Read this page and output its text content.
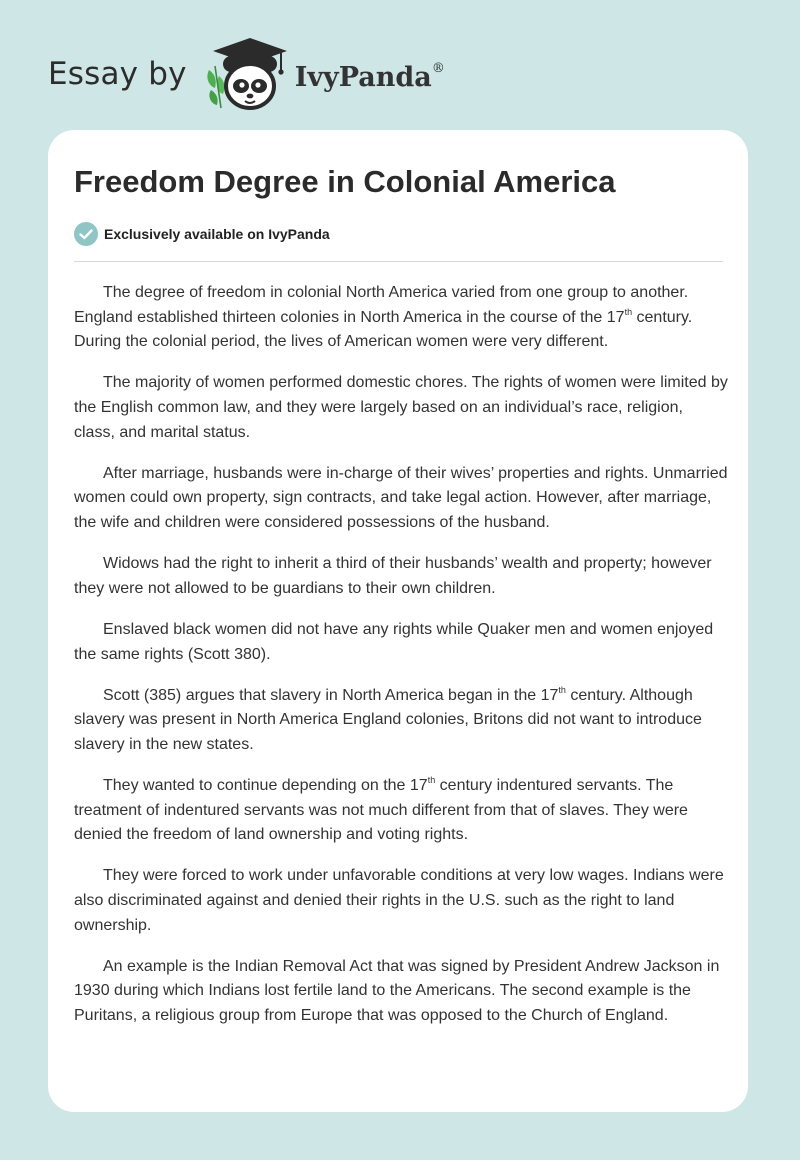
Essay by	IvyPanda®
Freedom Degree in Colonial America
Exclusively available on IvyPanda

The degree of freedom in colonial North America varied from one group to another. England established thirteen colonies in North America in the course of the 17th century. During the colonial period, the lives of American women were very different.

The majority of women performed domestic chores. The rights of women were limited by the English common law, and they were largely based on an individual’s race, religion, class, and marital status.

After marriage, husbands were in-charge of their wives’ properties and rights. Unmarried women could own property, sign contracts, and take legal action. However, after marriage, the wife and children were considered possessions of the husband.

Widows had the right to inherit a third of their husbands’ wealth and property; however they were not allowed to be guardians to their own children.

Enslaved black women did not have any rights while Quaker men and women enjoyed the same rights (Scott 380).

Scott (385) argues that slavery in North America began in the 17th century. Although slavery was present in North America England colonies, Britons did not want to introduce slavery in the new states.

They wanted to continue depending on the 17th century indentured servants. The treatment of indentured servants was not much different from that of slaves. They were denied the freedom of land ownership and voting rights.

They were forced to work under unfavorable conditions at very low wages. Indians were also discriminated against and denied their rights in the U.S. such as the right to land ownership.

An example is the Indian Removal Act that was signed by President Andrew Jackson in 1930 during which Indians lost fertile land to the Americans. The second example is the Puritans, a religious group from Europe that was opposed to the Church of England.
